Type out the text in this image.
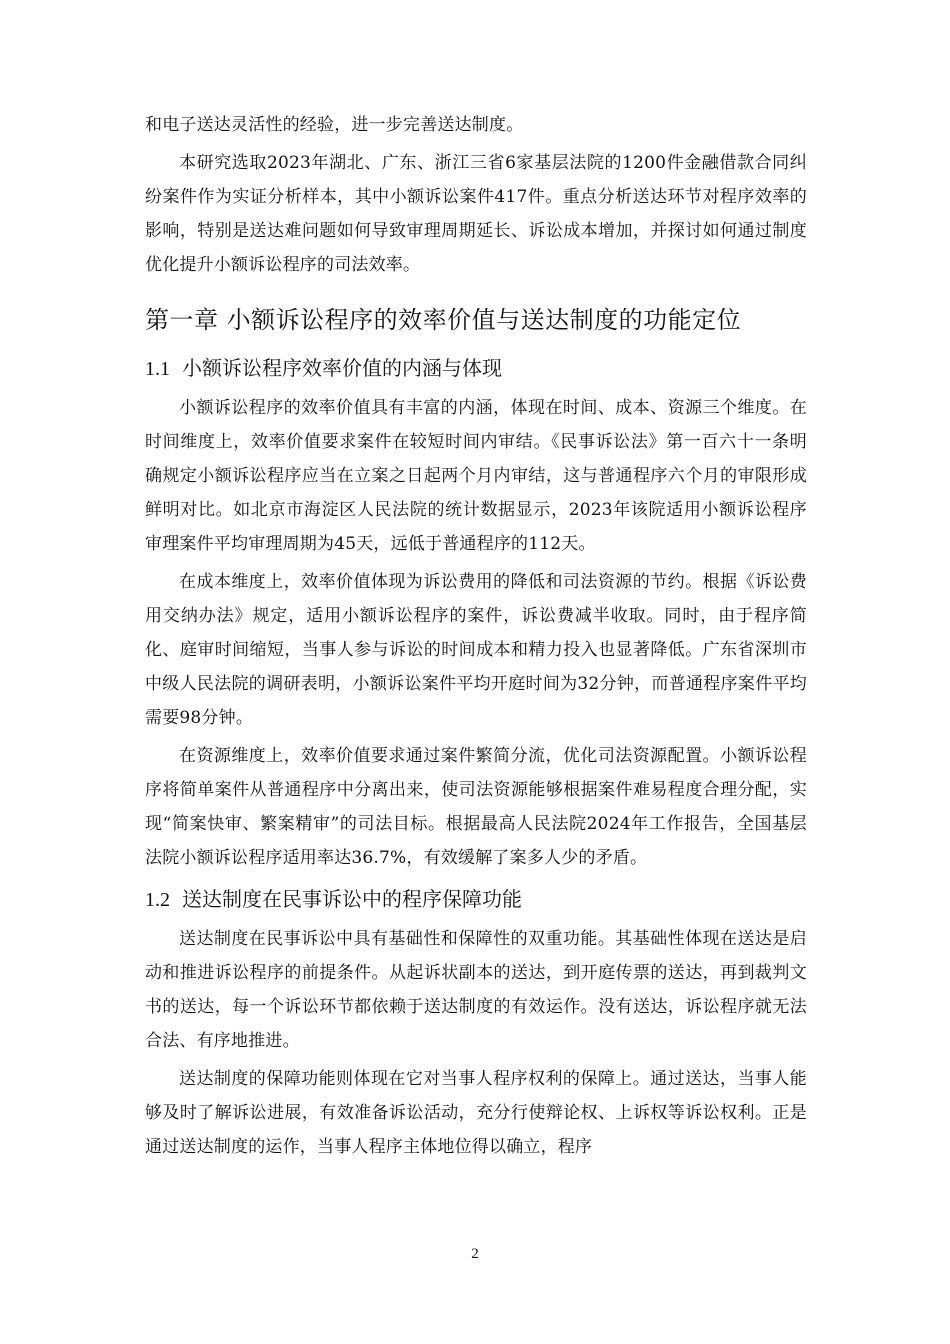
和电子送达灵活性的经验，进一步完善送达制度。

本研究选取2023年湖北、广东、浙江三省6家基层法院的1200件金融借款合同纠纷案件作为实证分析样本，其中小额诉讼案件417件。重点分析送达环节对程序效率的影响，特别是送达难问题如何导致审理周期延长、诉讼成本增加，并探讨如何通过制度优化提升小额诉讼程序的司法效率。

第一章 小额诉讼程序的效率价值与送达制度的功能定位
1.1 小额诉讼程序效率价值的内涵与体现

小额诉讼程序的效率价值具有丰富的内涵，体现在时间、成本、资源三个维度。在时间维度上，效率价值要求案件在较短时间内审结。《民事诉讼法》第一百六十一条明确规定小额诉讼程序应当在立案之日起两个月内审结，这与普通程序六个月的审限形成鲜明对比。如北京市海淀区人民法院的统计数据显示，2023年该院适用小额诉讼程序审理案件平均审理周期为45天，远低于普通程序的112天。

在成本维度上，效率价值体现为诉讼费用的降低和司法资源的节约。根据《诉讼费用交纳办法》规定，适用小额诉讼程序的案件，诉讼费减半收取。同时，由于程序简化、庭审时间缩短，当事人参与诉讼的时间成本和精力投入也显著降低。广东省深圳市中级人民法院的调研表明，小额诉讼案件平均开庭时间为32分钟，而普通程序案件平均需要98分钟。

在资源维度上，效率价值要求通过案件繁简分流，优化司法资源配置。小额诉讼程序将简单案件从普通程序中分离出来，使司法资源能够根据案件难易程度合理分配，实现“简案快审、繁案精审”的司法目标。根据最高人民法院2024年工作报告，全国基层法院小额诉讼程序适用率达36.7%，有效缓解了案多人少的矛盾。

1.2 送达制度在民事诉讼中的程序保障功能

送达制度在民事诉讼中具有基础性和保障性的双重功能。其基础性体现在送达是启动和推进诉讼程序的前提条件。从起诉状副本的送达，到开庭传票的送达，再到裁判文书的送达，每一个诉讼环节都依赖于送达制度的有效运作。没有送达，诉讼程序就无法合法、有序地推进。

送达制度的保障功能则体现在它对当事人程序权利的保障上。通过送达，当事人能够及时了解诉讼进展，有效准备诉讼活动，充分行使辩论权、上诉权等诉讼权利。正是通过送达制度的运作，当事人程序主体地位得以确立，程序

2
